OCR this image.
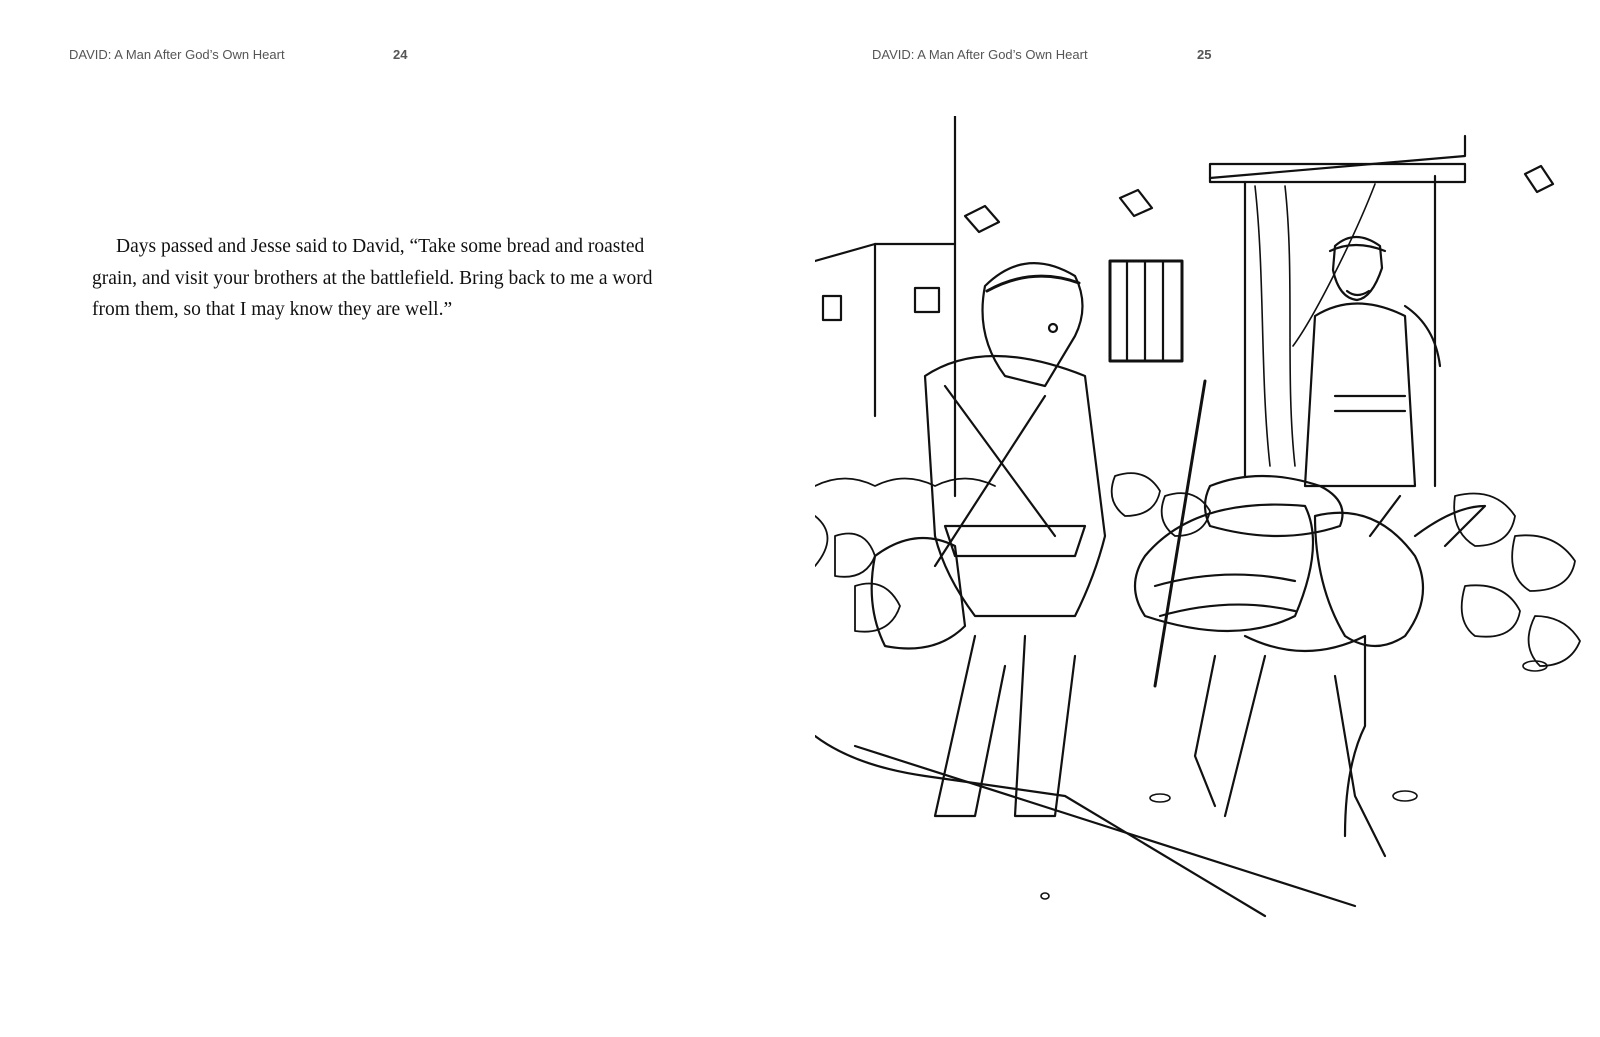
DAVID: A Man After God’s Own Heart	24

Days passed and Jesse said to David, “Take some bread and roasted grain, and visit your brothers at the battlefield. Bring back to me a word from them, so that I may know they are well.”

DAVID: A Man After God’s Own Heart	25
